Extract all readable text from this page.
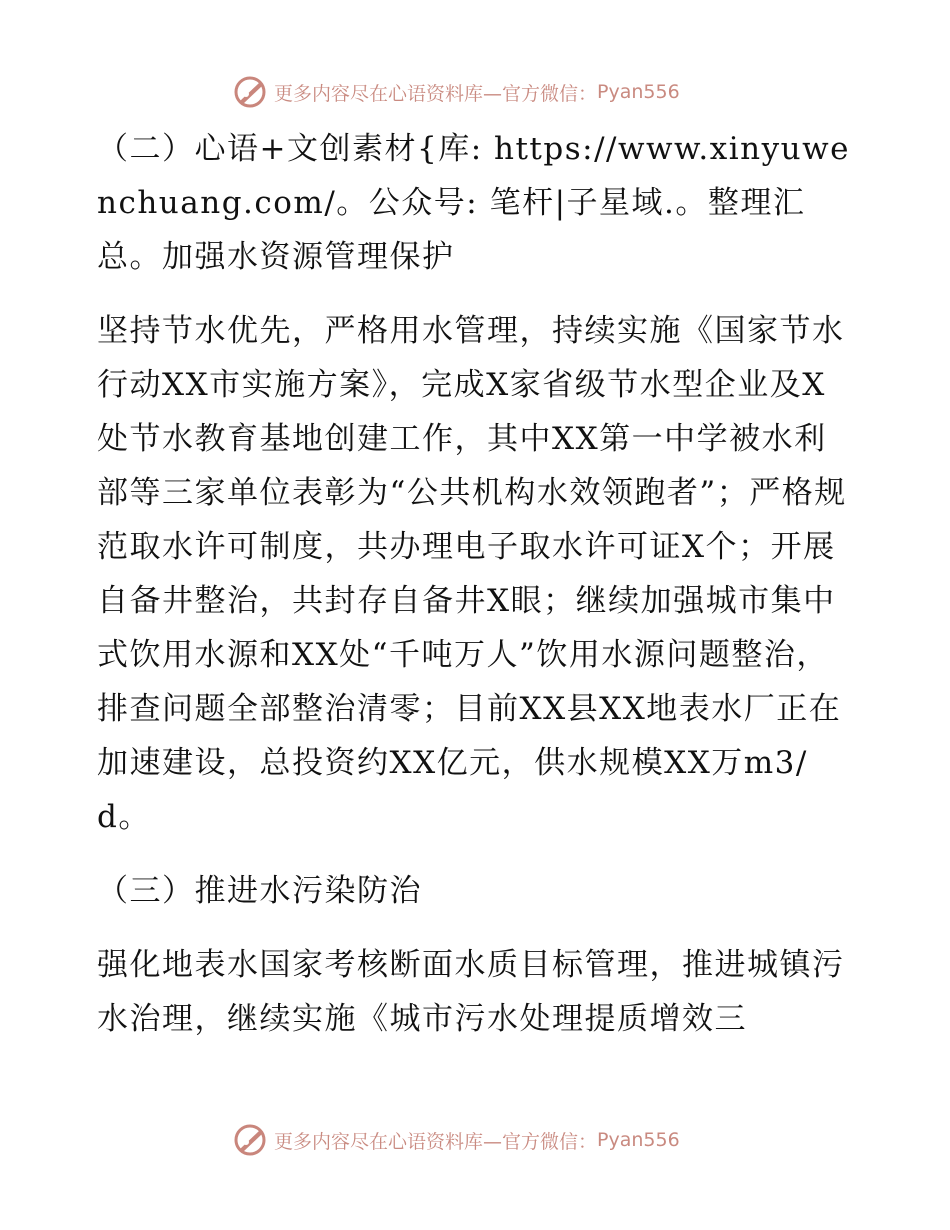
更多内容尽在心语资料库—官方微信： Pyan556

（二）心语+文创素材{库: https://www.xinyuwenchuang.com/。公众号: 笔杆|子星域.。整理汇总。加强水资源管理保护

坚持节水优先，严格用水管理，持续实施《国家节水行动XX市实施方案》，完成X家省级节水型企业及X处节水教育基地创建工作，其中XX第一中学被水利部等三家单位表彰为“公共机构水效领跑者”；严格规范取水许可制度，共办理电子取水许可证X个；开展自备井整治，共封存自备井X眼；继续加强城市集中式饮用水源和XX处“千吨万人”饮用水源问题整治，排查问题全部整治清零；目前XX县XX地表水厂正在加速建设，总投资约XX亿元，供水规模XX万m3/d。

（三）推进水污染防治

强化地表水国家考核断面水质目标管理，推进城镇污水治理，继续实施《城市污水处理提质增效三

更多内容尽在心语资料库—官方微信： Pyan556
